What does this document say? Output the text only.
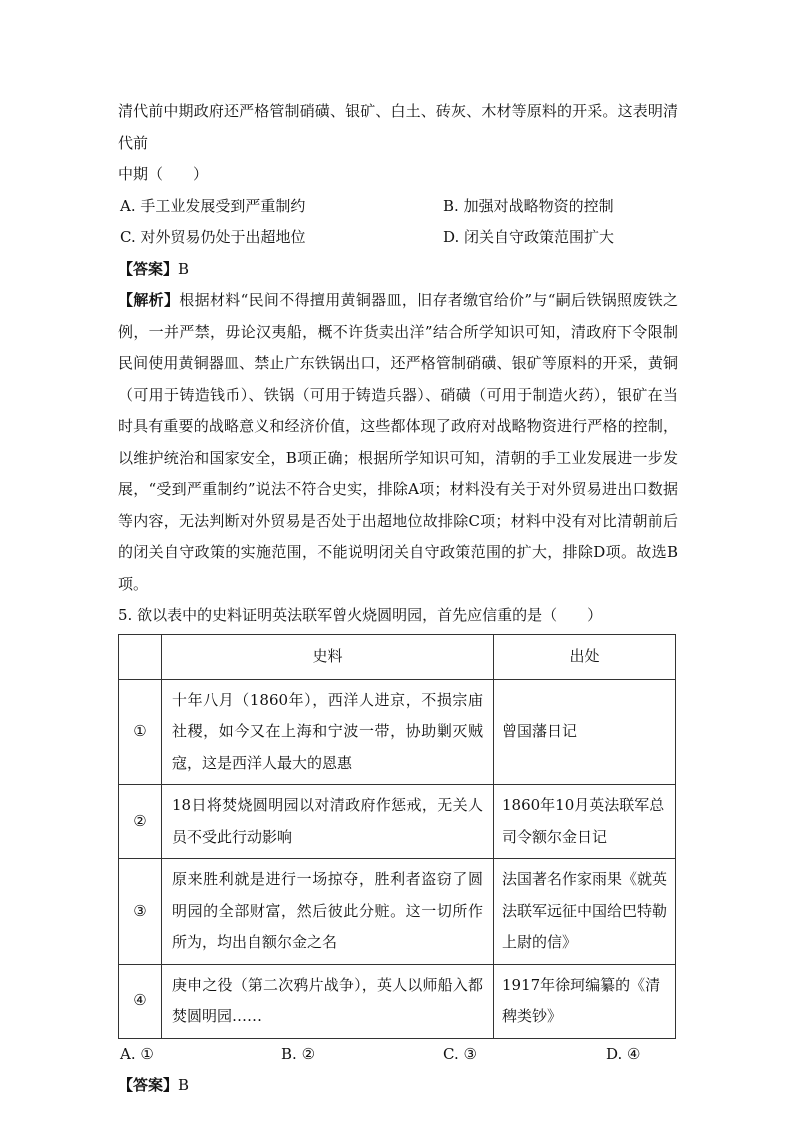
清代前中期政府还严格管制硝磺、银矿、白土、砖灰、木材等原料的开采。这表明清代前
中期（　　）

A. 手工业发展受到严重制约	B. 加强对战略物资的控制
C. 对外贸易仍处于出超地位	D. 闭关自守政策范围扩大

【答案】B

【解析】根据材料“民间不得擅用黄铜器皿，旧存者缴官给价”与“嗣后铁锅照废铁之例，一并严禁，毋论汉夷船，概不许货卖出洋”结合所学知识可知，清政府下令限制民间使用黄铜器皿、禁止广东铁锅出口，还严格管制硝磺、银矿等原料的开采，黄铜（可用于铸造钱币）、铁锅（可用于铸造兵器）、硝磺（可用于制造火药），银矿在当时具有重要的战略意义和经济价值，这些都体现了政府对战略物资进行严格的控制，以维护统治和国家安全，B项正确；根据所学知识可知，清朝的手工业发展进一步发展，“受到严重制约”说法不符合史实，排除A项；材料没有关于对外贸易进出口数据等内容，无法判断对外贸易是否处于出超地位故排除C项；材料中没有对比清朝前后的闭关自守政策的实施范围，不能说明闭关自守政策范围的扩大，排除D项。故选B项。

5. 欲以表中的史料证明英法联军曾火烧圆明园，首先应信重的是（　　）

	史料	出处
①	十年八月（1860年），西洋人进京，不损宗庙社稷，如今又在上海和宁波一带，协助剿灭贼寇，这是西洋人最大的恩惠	曾国藩日记
②	18日将焚烧圆明园以对清政府作惩戒，无关人员不受此行动影响	1860年10月英法联军总司令额尔金日记
③	原来胜利就是进行一场掠夺，胜利者盗窃了圆明园的全部财富，然后彼此分赃。这一切所作所为，均出自额尔金之名	法国著名作家雨果《就英法联军远征中国给巴特勒上尉的信》
④	庚申之役（第二次鸦片战争），英人以师船入都焚圆明园……	1917年徐珂编纂的《清稗类钞》
A. ①	B. ②	C. ③	D. ④

【答案】B
